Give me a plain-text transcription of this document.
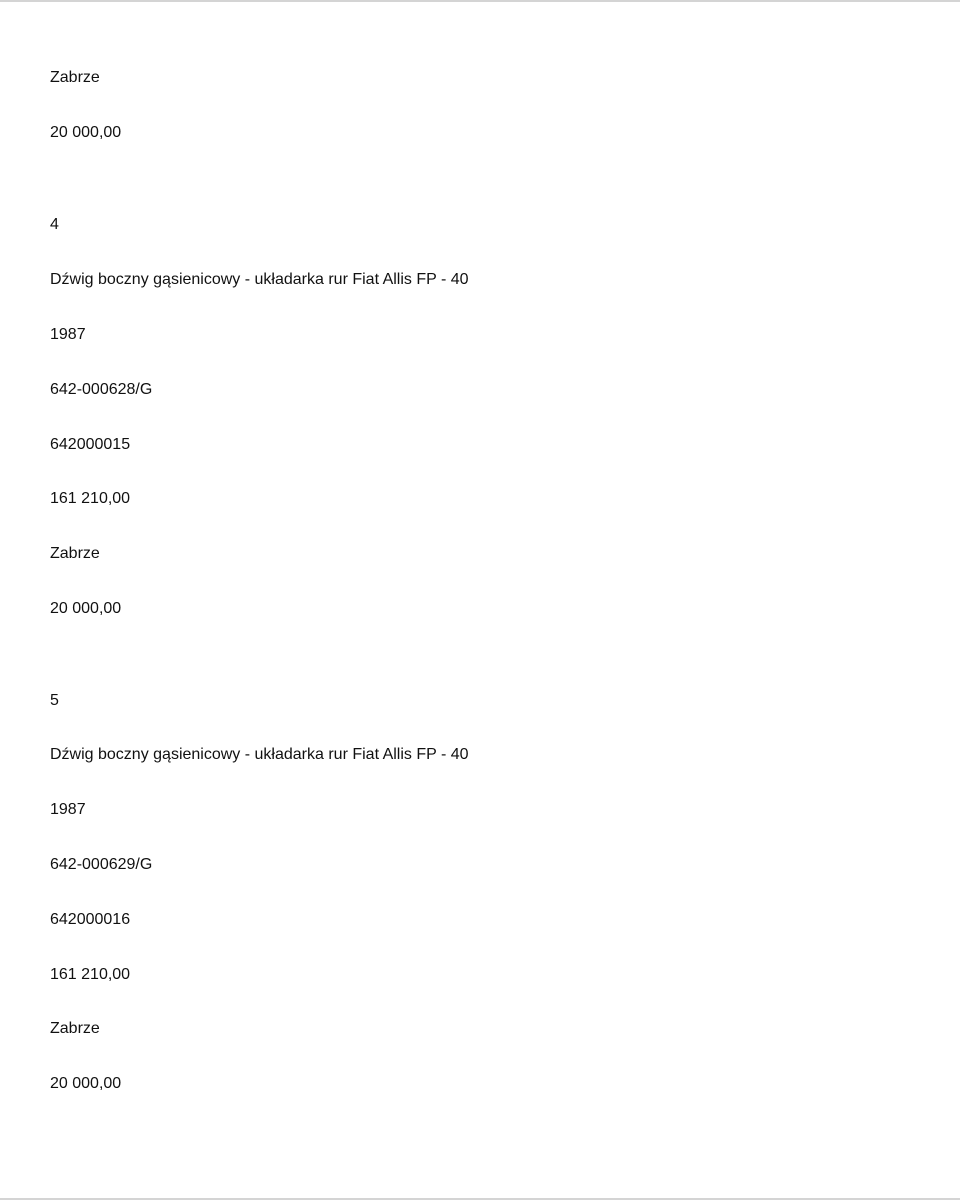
Zabrze
20 000,00
4
Dźwig boczny gąsienicowy - układarka rur Fiat Allis FP - 40
1987
642-000628/G
642000015
161 210,00
Zabrze
20 000,00
5
Dźwig boczny gąsienicowy - układarka rur Fiat Allis FP - 40
1987
642-000629/G
642000016
161 210,00
Zabrze
20 000,00
